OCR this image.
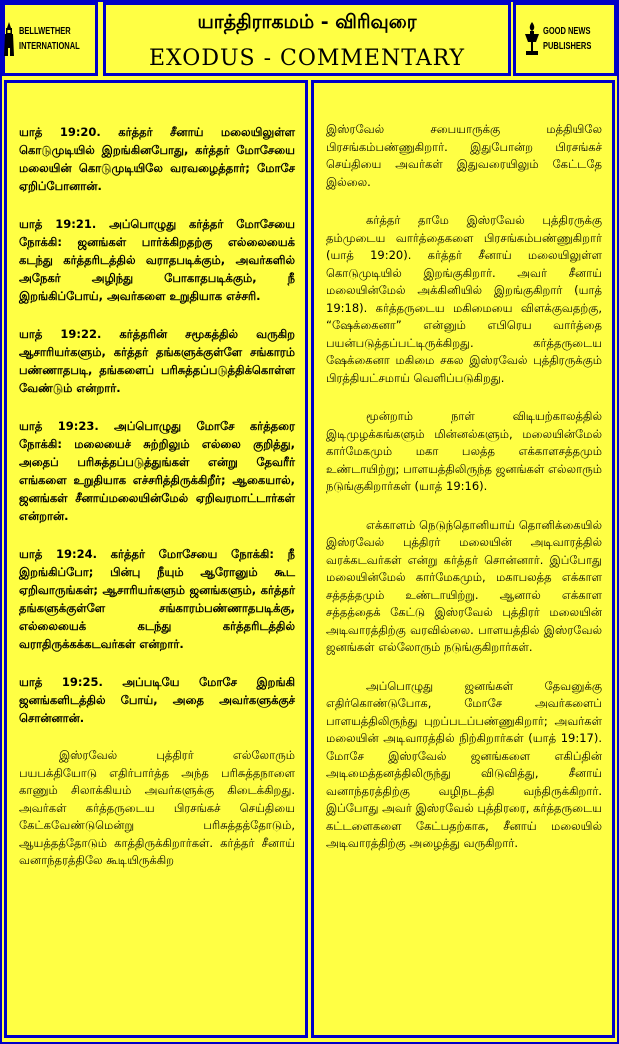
BELLWETHER
INTERNATIONAL
யாத்திராகமம் - விரிவுரை
EXODUS - COMMENTARY
GOOD NEWS
PUBLISHERS

யாத் 19:20. கர்த்தர் சீனாய் மலையிலுள்ள கொடுமுடியில் இறங்கினபோது, கர்த்தர் மோசேயை மலையின் கொடுமுடியிலே வரவழைத்தார்; மோசே ஏறிப்போனான்.

யாத் 19:21. அப்பொழுது கர்த்தர் மோசேயை நோக்கி: ஜனங்கள் பார்க்கிறதற்கு எல்லையைக் கடந்து கர்த்தரிடத்தில் வராதபடிக்கும், அவர்களில் அநேகர் அழிந்து போகாதபடிக்கும், நீ இறங்கிப்போய், அவர்களை உறுதியாக எச்சரி.

யாத் 19:22. கர்த்தரின் சமூகத்தில் வருகிற ஆசாரியர்களும், கர்த்தர் தங்களுக்குள்ளே சங்காரம் பண்ணாதபடி, தங்களைப் பரிசுத்தப்படுத்திக்கொள்ள வேண்டும் என்றார்.

யாத் 19:23. அப்பொழுது மோசே கர்த்தரை நோக்கி: மலையைச் சுற்றிலும் எல்லை குறித்து, அதைப் பரிசுத்தப்படுத்துங்கள் என்று தேவரீர் எங்களை உறுதியாக எச்சரித்திருக்கிறீர்; ஆகையால், ஜனங்கள் சீனாய்மலையின்மேல் ஏறிவரமாட்டார்கள் என்றான்.

யாத் 19:24. கர்த்தர் மோசேயை நோக்கி: நீ இறங்கிப்போ; பின்பு நீயும் ஆரோனும் கூட ஏறிவாருங்கள்; ஆசாரியர்களும் ஜனங்களும், கர்த்தர் தங்களுக்குள்ளே சங்காரம்பண்ணாதபடிக்கு, எல்லையைக் கடந்து கர்த்தரிடத்தில் வராதிருக்கக்கடவர்கள் என்றார்.

யாத் 19:25. அப்படியே மோசே இறங்கி ஜனங்களிடத்தில் போய், அதை அவர்களுக்குச் சொன்னான்.

இஸ்ரவேல் புத்திரர் எல்லோரும் பயபக்தியோடு எதிர்பார்த்த அந்த பரிசுத்தநாளை காணும் சிலாக்கியம் அவர்களுக்கு கிடைக்கிறது. அவர்கள் கர்த்தருடைய பிரசங்கச் செய்தியை கேட்கவேண்டுமென்று பரிசுத்தத்தோடும், ஆயத்தத்தோடும் காத்திருக்கிறார்கள். கர்த்தர் சீனாய் வனாந்தரத்திலே கூடியிருக்கிற

இஸ்ரவேல் சபையாருக்கு மத்தியிலே பிரசங்கம்பண்ணுகிறார். இதுபோன்ற பிரசங்கச் செய்தியை அவர்கள் இதுவரையிலும் கேட்டதே இல்லை.

கர்த்தர் தாமே இஸ்ரவேல் புத்திரருக்கு தம்முடைய வார்த்தைகளை பிரசங்கம்பண்ணுகிறார் (யாத் 19:20). கர்த்தர் சீனாய் மலையிலுள்ள கொடுமுடியில் இறங்குகிறார். அவர் சீனாய் மலையின்மேல் அக்கினியில் இறங்குகிறார் (யாத் 19:18). கர்த்தருடைய மகிமையை விளக்குவதற்கு, “ஷேக்கைனா” என்னும் எபிரெய வார்த்தை பயன்படுத்தப்பட்டிருக்கிறது. கர்த்தருடைய ஷேக்கைனா மகிமை சகல இஸ்ரவேல் புத்திரருக்கும் பிரத்தியட்சமாய் வெளிப்படுகிறது.

மூன்றாம் நாள் விடியற்காலத்தில் இடிமுழக்கங்களும் மின்னல்களும், மலையின்மேல் கார்மேகமும் மகா பலத்த எக்காளசத்தமும் உண்டாயிற்று; பாளயத்திலிருந்த ஜனங்கள் எல்லாரும் நடுங்குகிறார்கள் (யாத் 19:16).

எக்காளம் நெடுந்தொனியாய் தொனிக்கையில் இஸ்ரவேல் புத்திரர் மலையின் அடிவாரத்தில் வரக்கடவர்கள் என்று கர்த்தர் சொன்னார். இப்போது மலையின்மேல் கார்மேகமும், மகாபலத்த எக்காள சத்தத்தமும் உண்டாயிற்று. ஆனால் எக்காள சத்தத்தைக் கேட்டு இஸ்ரவேல் புத்திரர் மலையின் அடிவாரத்திற்கு வரவில்லை. பாளயத்தில் இஸ்ரவேல் ஜனங்கள் எல்லோரும் நடுங்குகிறார்கள்.

அப்பொழுது ஜனங்கள் தேவனுக்கு எதிர்கொண்டுபோக, மோசே அவர்களைப் பாளயத்திலிருந்து புறப்படப்பண்ணுகிறார்; அவர்கள் மலையின் அடிவாரத்தில் நிற்கிறார்கள் (யாத் 19:17). மோசே இஸ்ரவேல் ஜனங்களை எகிப்தின் அடிமைத்தனத்திலிருந்து விடுவித்து, சீனாய் வனாந்தரத்திற்கு வழிநடத்தி வந்திருக்கிறார். இப்போது அவர் இஸ்ரவேல் புத்திரரை, கர்த்தருடைய கட்டளைகளை கேட்பதற்காக, சீனாய் மலையில் அடிவாரத்திற்கு அழைத்து வருகிறார்.
